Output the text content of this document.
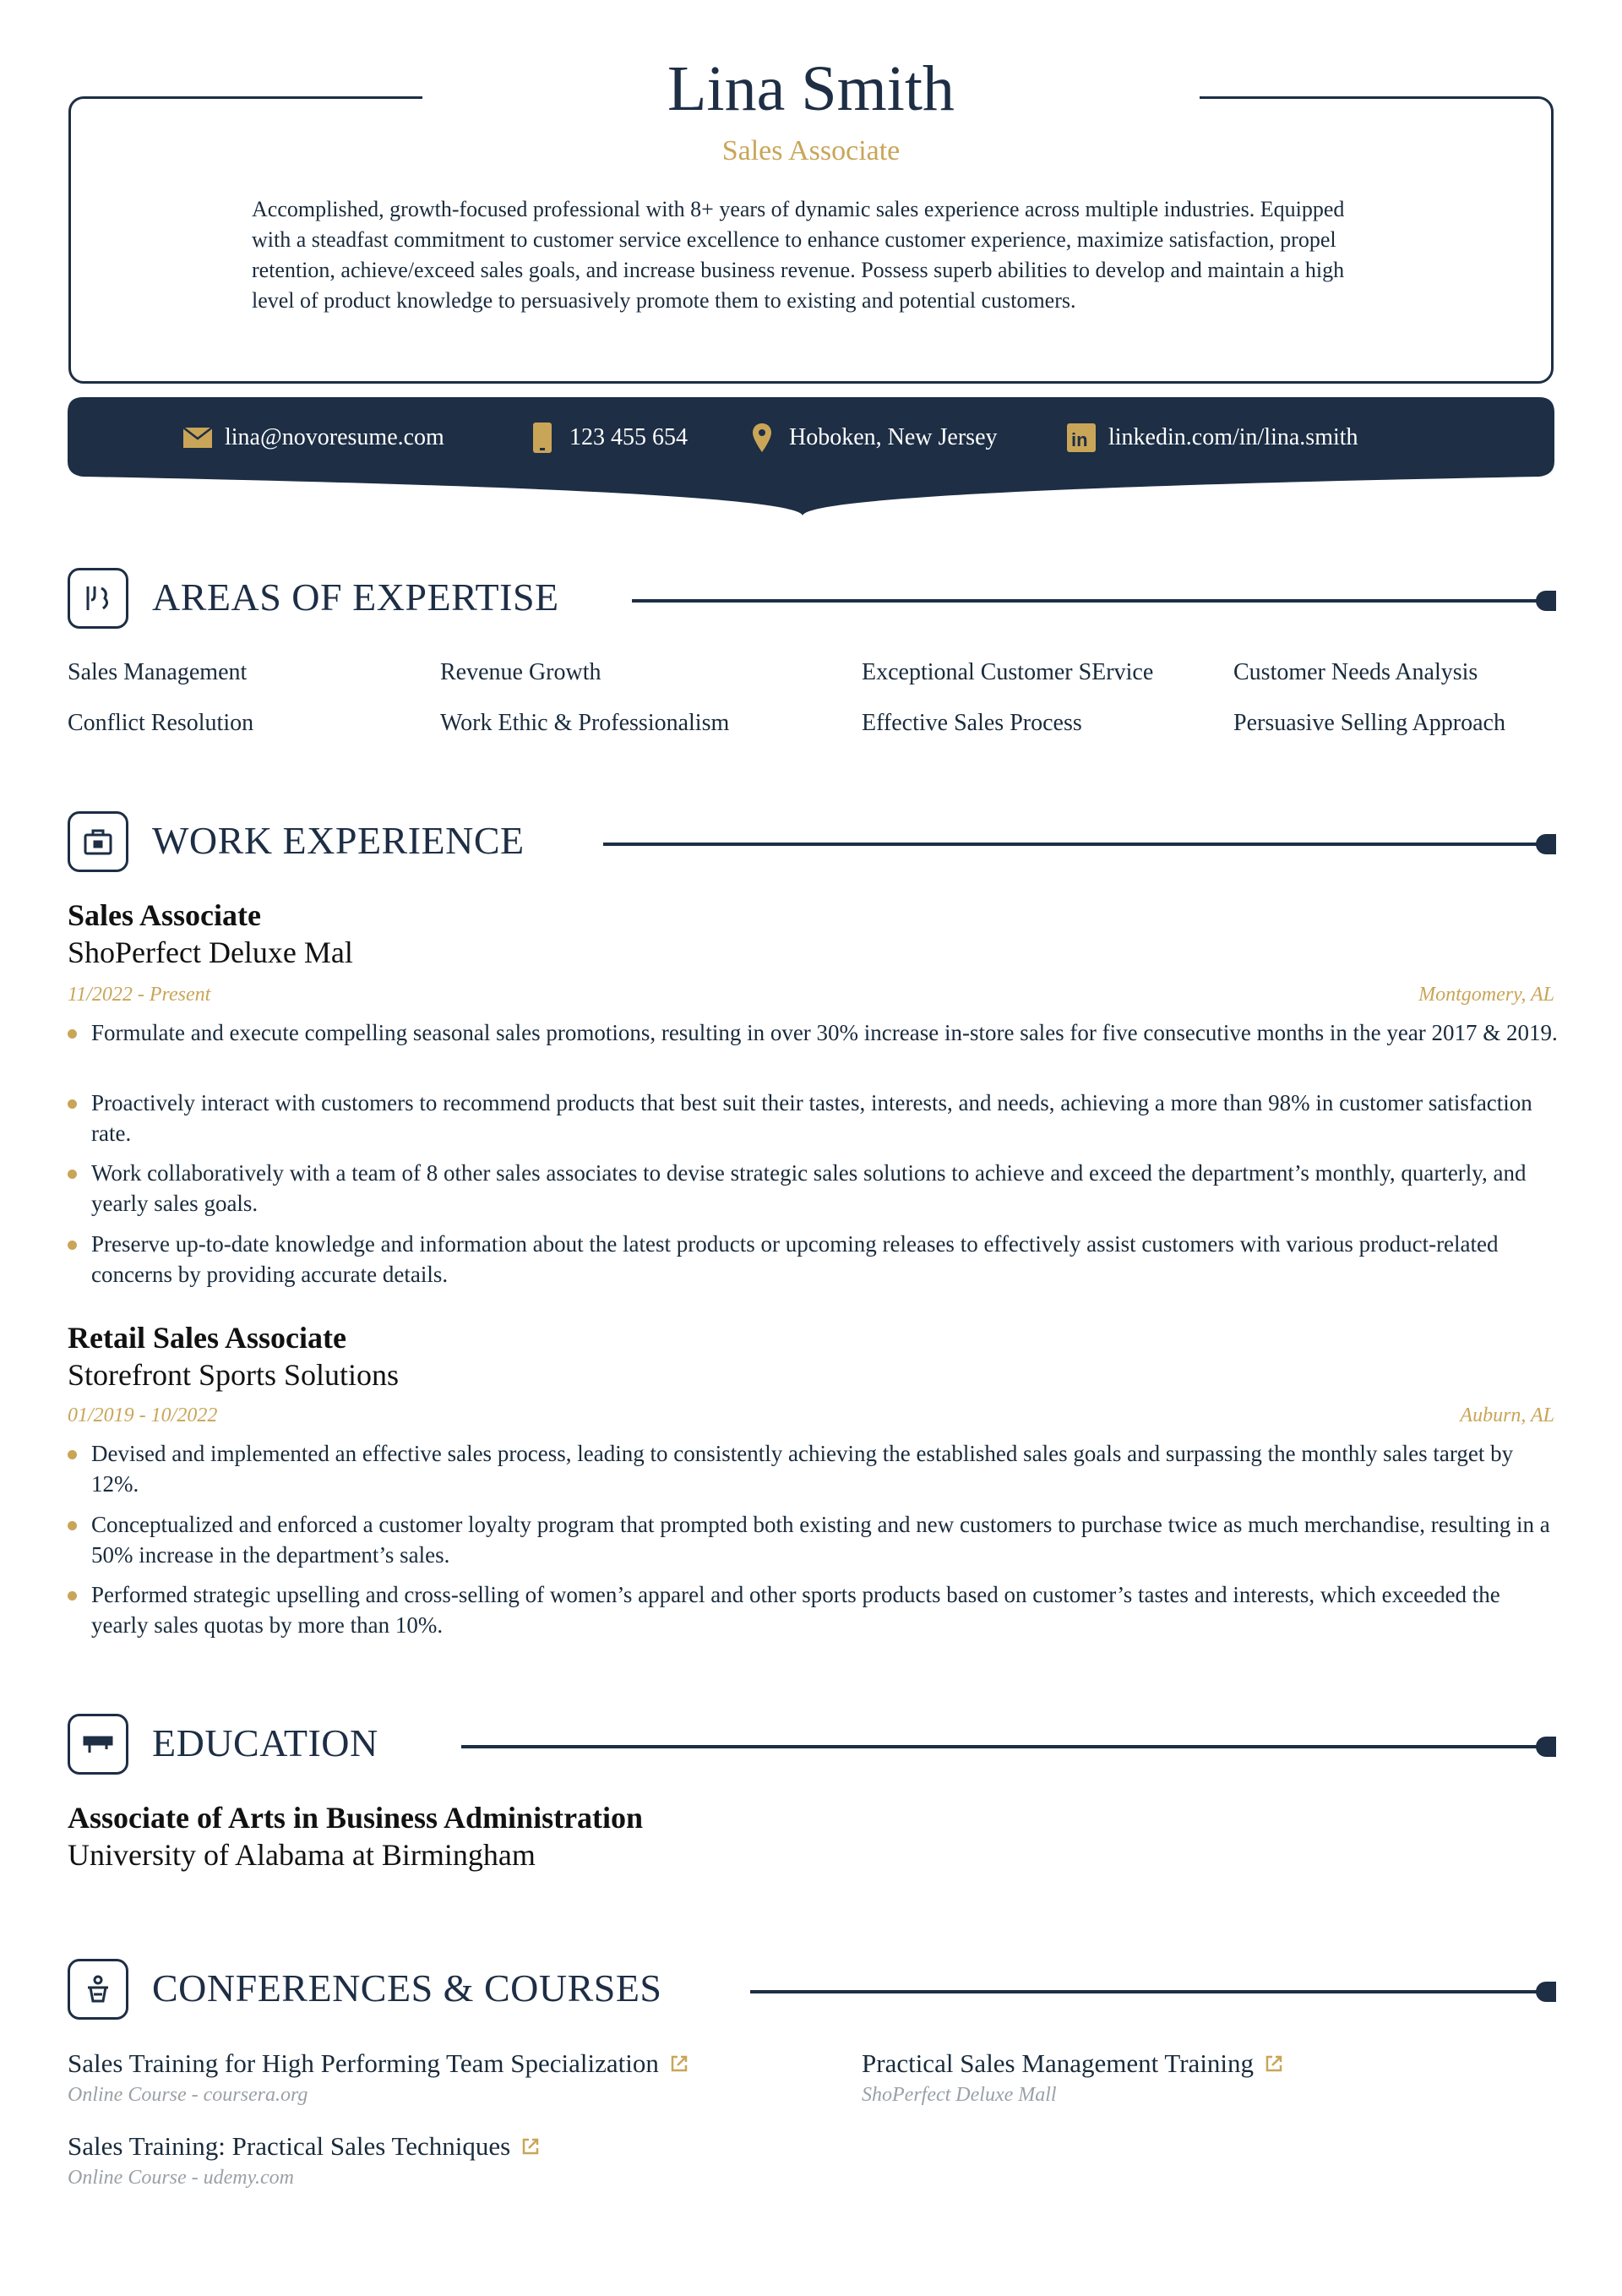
Lina Smith
Sales Associate
Accomplished, growth-focused professional with 8+ years of dynamic sales experience across multiple industries. Equipped with a steadfast commitment to customer service excellence to enhance customer experience, maximize satisfaction, propel retention, achieve/exceed sales goals, and increase business revenue. Possess superb abilities to develop and maintain a high level of product knowledge to persuasively promote them to existing and potential customers.
lina@novoresume.com	123 455 654	Hoboken, New Jersey	in linkedin.com/in/lina.smith
AREAS OF EXPERTISE
Sales Management	Revenue Growth	Exceptional Customer SErvice	Customer Needs Analysis
Conflict Resolution	Work Ethic & Professionalism	Effective Sales Process	Persuasive Selling Approach
WORK EXPERIENCE
Sales Associate
ShoPerfect Deluxe Mal
11/2022 - Present	Montgomery, AL
Formulate and execute compelling seasonal sales promotions, resulting in over 30% increase in-store sales for five consecutive months in the year 2017 & 2019.
Proactively interact with customers to recommend products that best suit their tastes, interests, and needs, achieving a more than 98% in customer satisfaction rate.
Work collaboratively with a team of 8 other sales associates to devise strategic sales solutions to achieve and exceed the department’s monthly, quarterly, and yearly sales goals.
Preserve up-to-date knowledge and information about the latest products or upcoming releases to effectively assist customers with various product-related concerns by providing accurate details.
Retail Sales Associate
Storefront Sports Solutions
01/2019 - 10/2022	Auburn, AL
Devised and implemented an effective sales process, leading to consistently achieving the established sales goals and surpassing the monthly sales target by 12%.
Conceptualized and enforced a customer loyalty program that prompted both existing and new customers to purchase twice as much merchandise, resulting in a 50% increase in the department’s sales.
Performed strategic upselling and cross-selling of women’s apparel and other sports products based on customer’s tastes and interests, which exceeded the yearly sales quotas by more than 10%.
EDUCATION
Associate of Arts in Business Administration
University of Alabama at Birmingham
CONFERENCES & COURSES
Sales Training for High Performing Team Specialization
Online Course - coursera.org
Practical Sales Management Training
ShoPerfect Deluxe Mall
Sales Training: Practical Sales Techniques
Online Course - udemy.com
